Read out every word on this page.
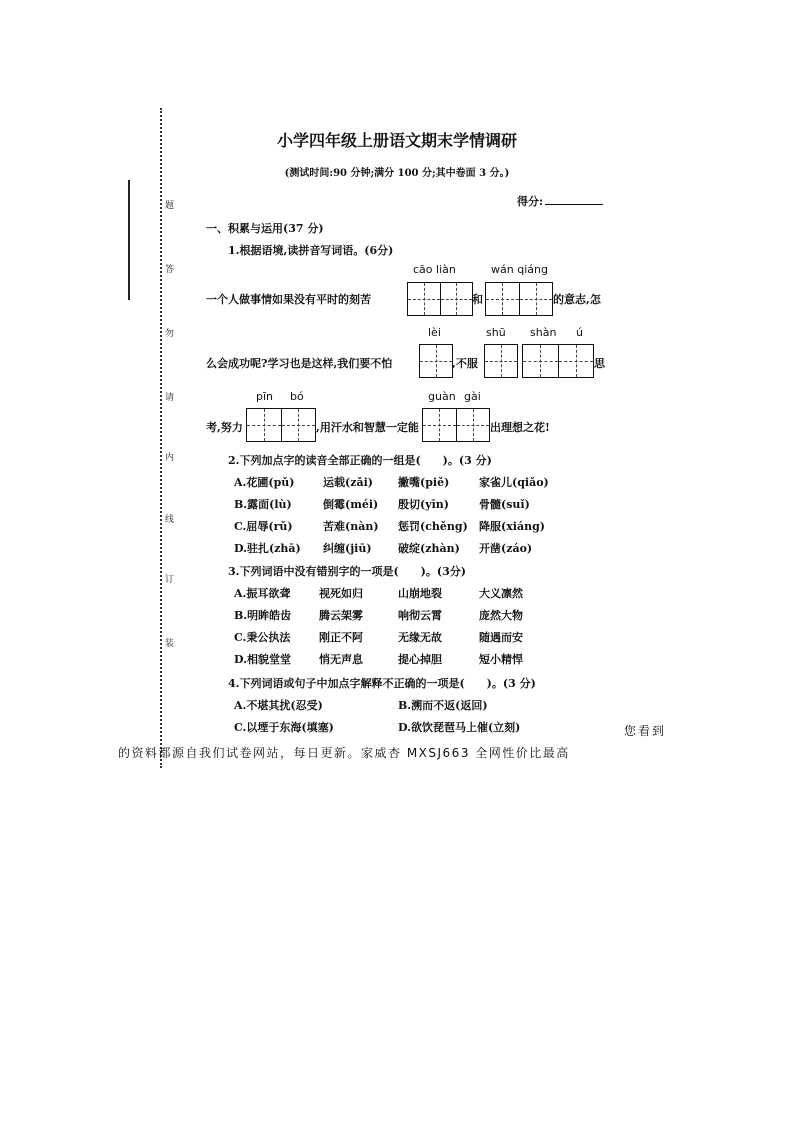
题
答
勿
请
内
线
订
装
小学四年级上册语文期末学情调研
(测试时间:90 分钟;满分 100 分;其中卷面 3 分。)
得分:
一、积累与运用(37 分)
1.根据语境,读拼音写词语。(6分)
cāo liàn	wán qiáng
一个人做事情如果没有平时的刻苦	和	的意志,怎
lèi	shū shàn ú
么会成功呢?学习也是这样,我们要不怕	,不服	思
pīn bó	guàn gài
考,努力	,用汗水和智慧一定能	出理想之花!
2.下列加点字的读音全部正确的一组是(　　)。(3 分)
A.花圃(pǔ)	运载(zǎi) 撇嘴(piě)	家雀儿(qiǎo)
B.露面(lù)	倒霉(méi) 殷切(yīn)	骨髓(suǐ)
C.屈辱(rǔ)	苦难(nàn) 惩罚(chěng) 降服(xiáng)
D.驻扎(zhā) 纠缠(jiū) 破绽(zhàn) 开凿(záo)
3.下列词语中没有错别字的一项是(　　)。(3分)
A.振耳欲聋	视死如归	山崩地裂	大义凛然
B.明眸皓齿	腾云架雾	响彻云霄	庞然大物
C.秉公执法	刚正不阿	无缘无故	随遇而安
D.相貌堂堂	悄无声息	提心掉胆	短小精悍
4.下列词语或句子中加点字解释不正确的一项是(　　)。(3 分)
A.不堪其扰(忍受)	B.溯而不返(返回)
C.以堙于东海(填塞)	D.欲饮琵琶马上催(立刻)	您看到
的资料都源自我们试卷网站，每日更新。家威杏 MXSJ663 全网性价比最高
